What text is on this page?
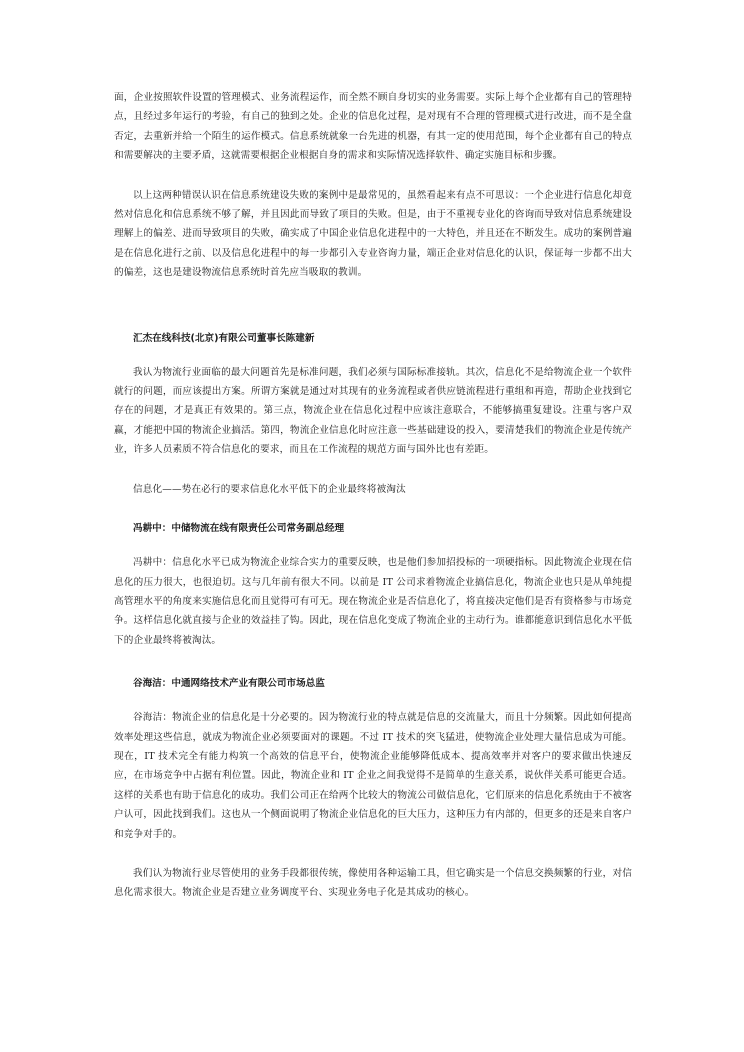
面，企业按照软件设置的管理模式、业务流程运作，而全然不顾自身切实的业务需要。实际上每个企业都有自己的管理特点，且经过多年运行的考验，有自己的独到之处。企业的信息化过程，是对现有不合理的管理模式进行改进，而不是全盘否定，去重新并给一个陌生的运作模式。信息系统就象一台先进的机器，有其一定的使用范围，每个企业都有自己的特点和需要解决的主要矛盾，这就需要根据企业根据自身的需求和实际情况选择软件、确定实施目标和步骤。

以上这两种错误认识在信息系统建设失败的案例中是最常见的，虽然看起来有点不可思议：一个企业进行信息化却竟然对信息化和信息系统不够了解，并且因此而导致了项目的失败。但是，由于不重视专业化的咨询而导致对信息系统建设理解上的偏差、进而导致项目的失败，确实成了中国企业信息化进程中的一大特色，并且还在不断发生。成功的案例普遍是在信息化进行之前、以及信息化进程中的每一步都引入专业咨询力量，端正企业对信息化的认识，保证每一步都不出大的偏差，这也是建设物流信息系统时首先应当吸取的教训。

汇杰在线科技(北京)有限公司董事长陈建新

我认为物流行业面临的最大问题首先是标准问题，我们必须与国际标准接轨。其次，信息化不是给物流企业一个软件就行的问题，而应该提出方案。所谓方案就是通过对其现有的业务流程或者供应链流程进行重组和再造，帮助企业找到它存在的问题，才是真正有效果的。第三点，物流企业在信息化过程中应该注意联合，不能够搞重复建设。注重与客户双赢，才能把中国的物流企业搞活。第四，物流企业信息化时应注意一些基础建设的投入，要清楚我们的物流企业是传统产业，许多人员素质不符合信息化的要求，而且在工作流程的规范方面与国外比也有差距。

信息化——势在必行的要求信息化水平低下的企业最终将被淘汰

冯耕中：中储物流在线有限责任公司常务副总经理

冯耕中：信息化水平已成为物流企业综合实力的重要反映，也是他们参加招投标的一项硬指标。因此物流企业现在信息化的压力很大，也很迫切。这与几年前有很大不同。以前是 IT 公司求着物流企业搞信息化，物流企业也只是从单纯提高管理水平的角度来实施信息化而且觉得可有可无。现在物流企业是否信息化了，将直接决定他们是否有资格参与市场竞争。这样信息化就直接与企业的效益挂了钩。因此，现在信息化变成了物流企业的主动行为。谁都能意识到信息化水平低下的企业最终将被淘汰。

谷海洁：中通网络技术产业有限公司市场总监

谷海洁：物流企业的信息化是十分必要的。因为物流行业的特点就是信息的交流量大，而且十分频繁。因此如何提高效率处理这些信息，就成为物流企业必须要面对的课题。不过 IT 技术的突飞猛进，使物流企业处理大量信息成为可能。现在，IT 技术完全有能力构筑一个高效的信息平台，使物流企业能够降低成本、提高效率并对客户的要求做出快速反应，在市场竞争中占据有利位置。因此，物流企业和 IT 企业之间我觉得不是简单的生意关系，说伙伴关系可能更合适。这样的关系也有助于信息化的成功。我们公司正在给两个比较大的物流公司做信息化，它们原来的信息化系统由于不被客户认可，因此找到我们。这也从一个侧面说明了物流企业信息化的巨大压力，这种压力有内部的，但更多的还是来自客户和竞争对手的。

我们认为物流行业尽管使用的业务手段都很传统，像使用各种运输工具，但它确实是一个信息交换频繁的行业，对信息化需求很大。物流企业是否建立业务调度平台、实现业务电子化是其成功的核心。
